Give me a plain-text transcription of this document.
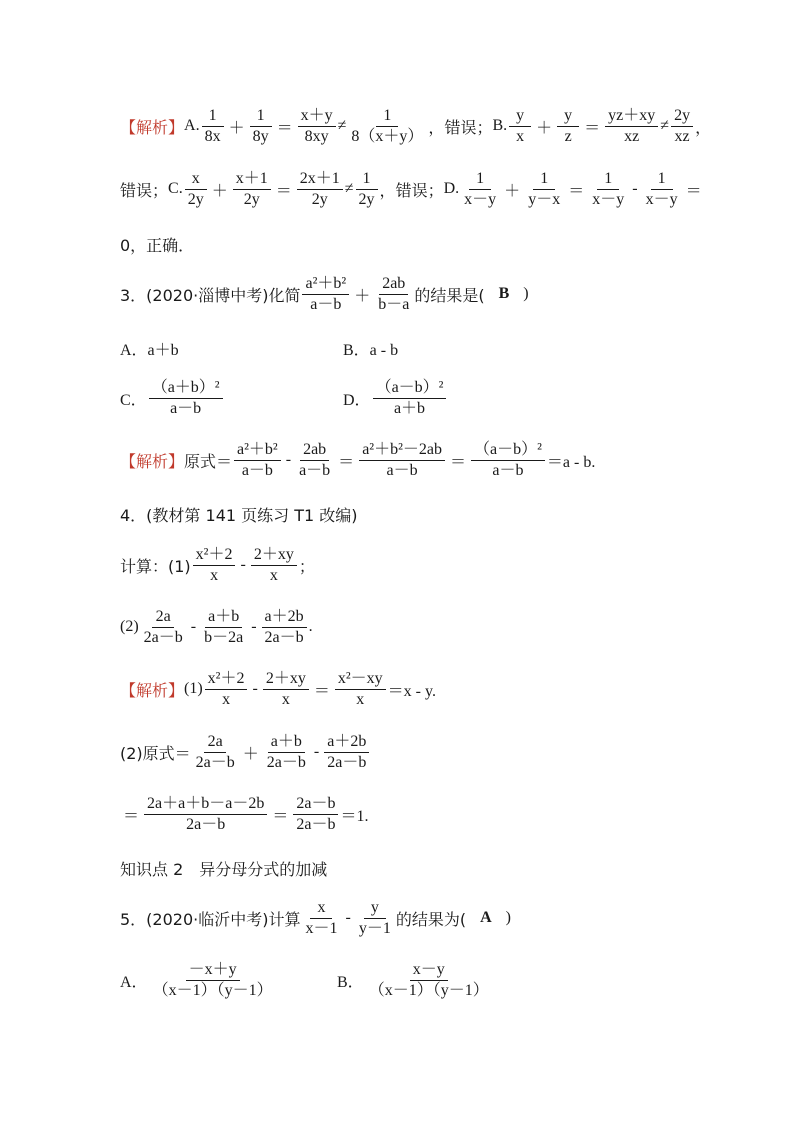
【解析】 A. $\frac{1}{8x} + \frac{1}{8y} = \frac{x+y}{8xy} \ne \frac{1}{8(x+y)}$ ， 错误 ； B. $\frac{y}{x} + \frac{y}{z} = \frac{yz+xy}{xz} \ne \frac{2y}{xz}$ ，
错误 ； C. $\frac{x}{2y} + \frac{x+1}{2y} = \frac{2x+1}{2y} \ne \frac{1}{2y}$ ， 错误 ； D. $\frac{1}{x-y} + \frac{1}{y-x} = \frac{1}{x-y} - \frac{1}{x-y}$ ＝
0，正确．
3．(2020·淄博中考)化简 $\frac{\text{a²＋b²}}{a-b} + \frac{2ab}{b-a}$ 的结果是( B )
A．a＋b	B．a - b
C． $\frac{\text{（a＋b）²}}{a-b}$	D． $\frac{\text{（a－b）²}}{a+b}$
【解析】 原式＝ $\frac{\text{a²＋b²}}{a-b} - \frac{2ab}{a-b} = \frac{\text{a²＋b²－2ab}}{a-b} = \frac{\text{（a－b）²}}{a-b} =a - b$.
4．(教材第 141 页练习 T1 改编)
计算：$(1) \frac{\text{x²＋2}}{x} - \frac{2+xy}{x}$ ；
$(2) \frac{2a}{2a-b} - \frac{a+b}{b-2a} - \frac{a+2b}{2a-b}$ .
【解析】 $(1) \frac{\text{x²＋2}}{x} - \frac{2+xy}{x} = \frac{\text{x²－xy}}{x} =x - y$.
(2)原式＝ $\frac{2a}{2a-b} + \frac{a+b}{2a-b} - \frac{a+2b}{2a-b}$
＝ $\frac{2a+a+b-a-2b}{2a-b} = \frac{2a-b}{2a-b} =1$.
知识点 2　异分母分式的加减
5．(2020·临沂中考)计算 $\frac{x}{x-1} - \frac{y}{y-1}$ 的结果为( A )
A． $\frac{-x+y}{(x-1)(y-1)}$	B． $\frac{x-y}{(x-1)(y-1)}$
